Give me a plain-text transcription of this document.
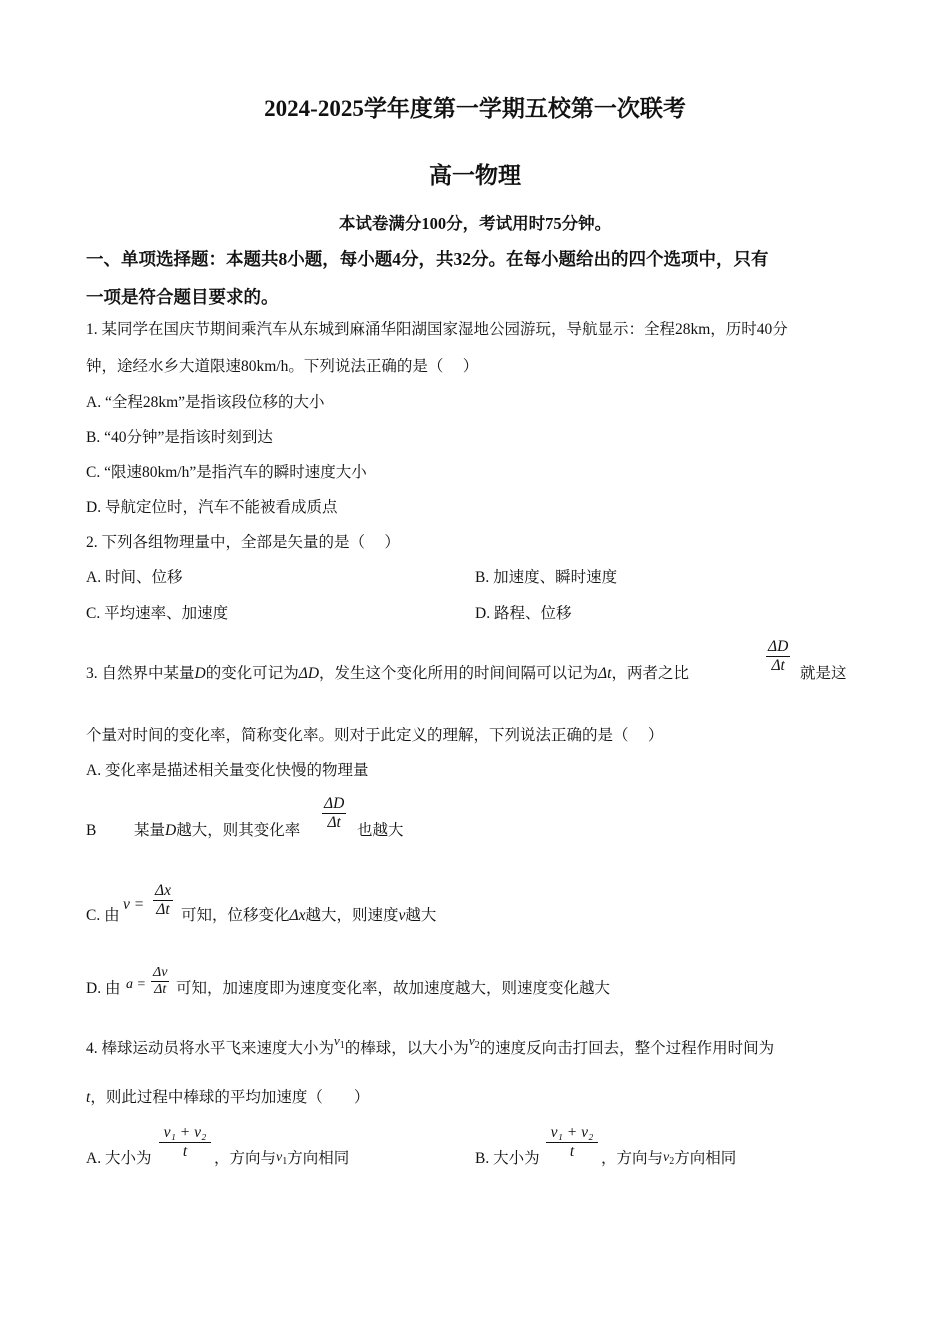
2024-2025学年度第一学期五校第一次联考
高一物理
本试卷满分100分，考试用时75分钟。
一、单项选择题：本题共8小题，每小题4分，共32分。在每小题给出的四个选项中，只有
一项是符合题目要求的。
1. 某同学在国庆节期间乘汽车从东城到麻涌华阳湖国家湿地公园游玩，导航显示：全程28km，历时40分
钟，途经水乡大道限速80km/h。下列说法正确的是（　 ）
A. “全程28km”是指该段位移的大小
B. “40分钟”是指该时刻到达
C. “限速80km/h”是指汽车的瞬时速度大小
D. 导航定位时，汽车不能被看成质点
2. 下列各组物理量中，全部是矢量的是（　 ）
A. 时间、位移	B. 加速度、瞬时速度
C. 平均速率、加速度	D. 路程、位移
3. 自然界中某量D的变化可记为ΔD，发生这个变化所用的时间间隔可以记为Δt，两者之比
ΔD
Δt 就是这
个量对时间的变化率，简称变化率。则对于此定义的理解，下列说法正确的是（　 ）
A. 变化率是描述相关量变化快慢的物理量
B 某量D越大，则其变化率
ΔD
Δt	也越大
C. 由
v =
Δx
Δt 可知，位移变化Δx越大，则速度v越大
D. 由 a =
Δv
Δt 可知，加速度即为速度变化率，故加速度越大，则速度变化越大
4. 棒球运动员将水平飞来速度大小为$^{v_1}$的棒球，以大小为$^{v_2}$的速度反向击打回去，整个过程作用时间为
t，则此过程中棒球的平均加速度（　　）
A. 大小为
v₁ + v₂
t	，方向与$v_1$方向相同	B. 大小为
v₁ + v₂
t	，方向与$v_2$方向相同
